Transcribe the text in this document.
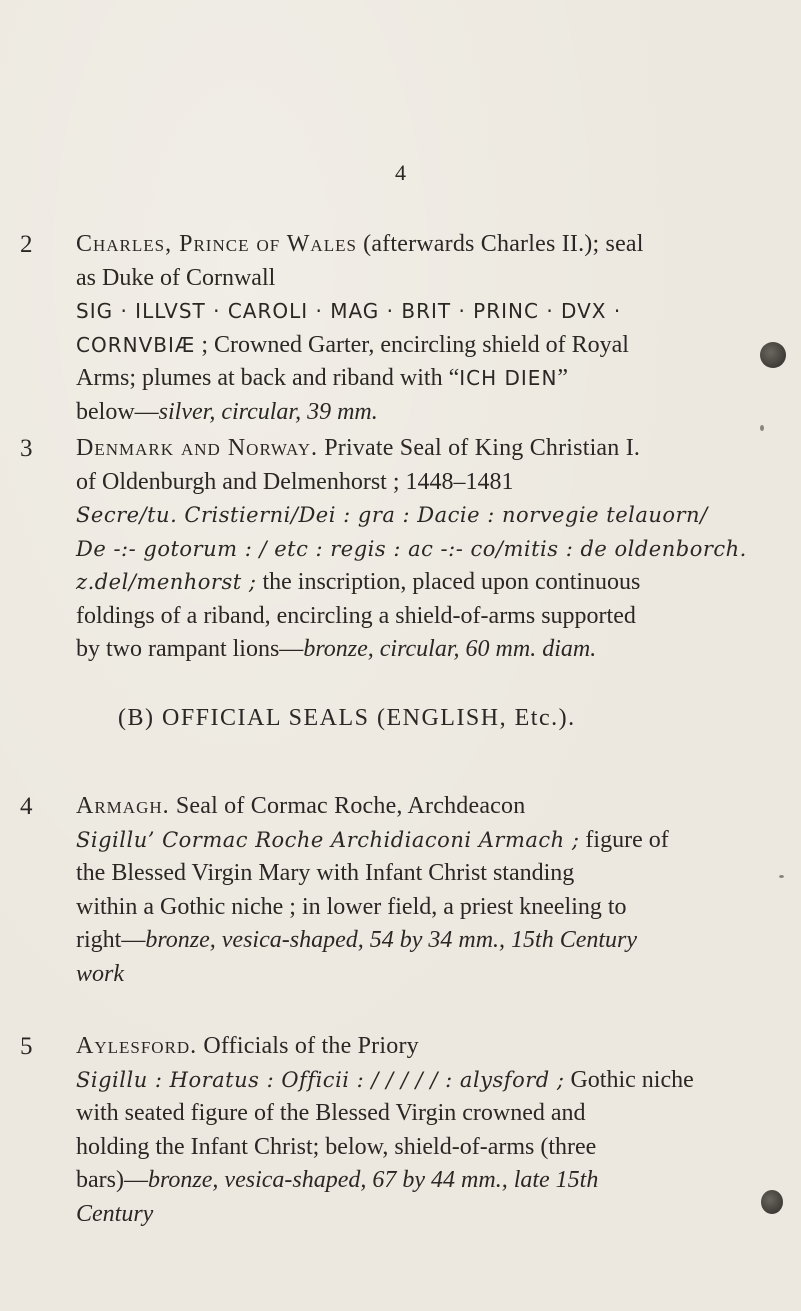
4
2 Charles, Prince of Wales (afterwards Charles II.); seal
as Duke of Cornwall
SIG · ILLVST · CAROLI · MAG · BRIT · PRINC · DVX ·
CORNVBIÆ ; Crowned Garter, encircling shield of Royal
Arms; plumes at back and riband with “ICH DIEN”
below—silver, circular, 39 mm.
3 Denmark and Norway. Private Seal of King Christian I.
of Oldenburgh and Delmenhorst ; 1448–1481
Secre/tu. Cristierni/Dei : gra : Dacie : norvegie telauorn/
De -:- gotorum : / etc : regis : ac -:- co/mitis : de oldenborch.
z.del/menhorst ; the inscription, placed upon continuous
foldings of a riband, encircling a shield-of-arms supported
by two rampant lions—bronze, circular, 60 mm. diam.
(B) OFFICIAL SEALS (ENGLISH, Etc.).
4 Armagh. Seal of Cormac Roche, Archdeacon
Sigillu’ Cormac Roche Archidiaconi Armach ; figure of
the Blessed Virgin Mary with Infant Christ standing
within a Gothic niche ; in lower field, a priest kneeling to
right—bronze, vesica-shaped, 54 by 34 mm., 15th Century
work
5 Aylesford. Officials of the Priory
Sigillu : Horatus : Officii : / / / / / : alysford ; Gothic niche
with seated figure of the Blessed Virgin crowned and
holding the Infant Christ; below, shield-of-arms (three
bars)—bronze, vesica-shaped, 67 by 44 mm., late 15th
Century
